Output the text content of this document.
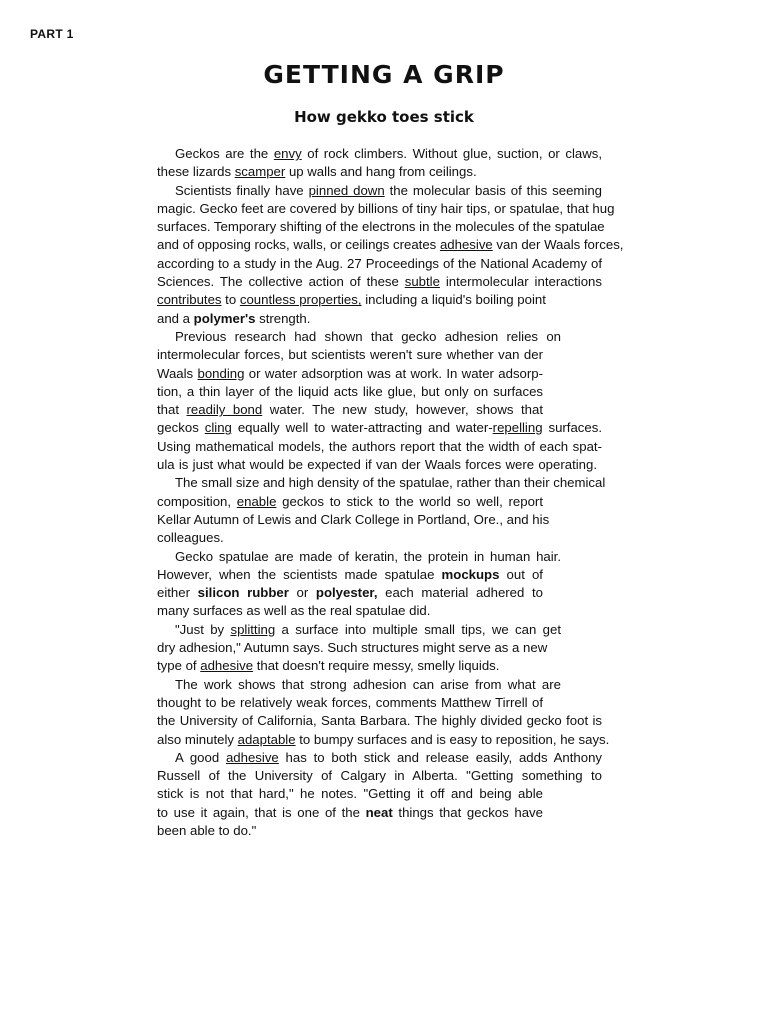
PART 1
GETTING A GRIP
How gekko toes stick
Geckos are the envy of rock climbers. Without glue, suction, or claws,
these lizards scamper up walls and hang from ceilings.
Scientists finally have pinned down the molecular basis of this seeming
magic. Gecko feet are covered by billions of tiny hair tips, or spatulae, that hug
surfaces. Temporary shifting of the electrons in the molecules of the spatulae
and of opposing rocks, walls, or ceilings creates adhesive van der Waals forces,
according to a study in the Aug. 27 Proceedings of the National Academy of
Sciences. The collective action of these subtle intermolecular interactions
contributes to countless properties, including a liquid's boiling point
and a polymer's strength.
Previous research had shown that gecko adhesion relies on
intermolecular forces, but scientists weren't sure whether van der
Waals bonding or water adsorption was at work. In water adsorp-
tion, a thin layer of the liquid acts like glue, but only on surfaces
that readily bond water. The new study, however, shows that
geckos cling equally well to water-attracting and water-repelling surfaces.
Using mathematical models, the authors report that the width of each spat-
ula is just what would be expected if van der Waals forces were operating.
The small size and high density of the spatulae, rather than their chemical
composition, enable geckos to stick to the world so well, report
Kellar Autumn of Lewis and Clark College in Portland, Ore., and his
colleagues.
Gecko spatulae are made of keratin, the protein in human hair.
However, when the scientists made spatulae mockups out of
either silicon rubber or polyester, each material adhered to
many surfaces as well as the real spatulae did.
"Just by splitting a surface into multiple small tips, we can get
dry adhesion," Autumn says. Such structures might serve as a new
type of adhesive that doesn't require messy, smelly liquids.
The work shows that strong adhesion can arise from what are
thought to be relatively weak forces, comments Matthew Tirrell of
the University of California, Santa Barbara. The highly divided gecko foot is
also minutely adaptable to bumpy surfaces and is easy to reposition, he says.
A good adhesive has to both stick and release easily, adds Anthony
Russell of the University of Calgary in Alberta. "Getting something to
stick is not that hard," he notes. "Getting it off and being able
to use it again, that is one of the neat things that geckos have
been able to do."
